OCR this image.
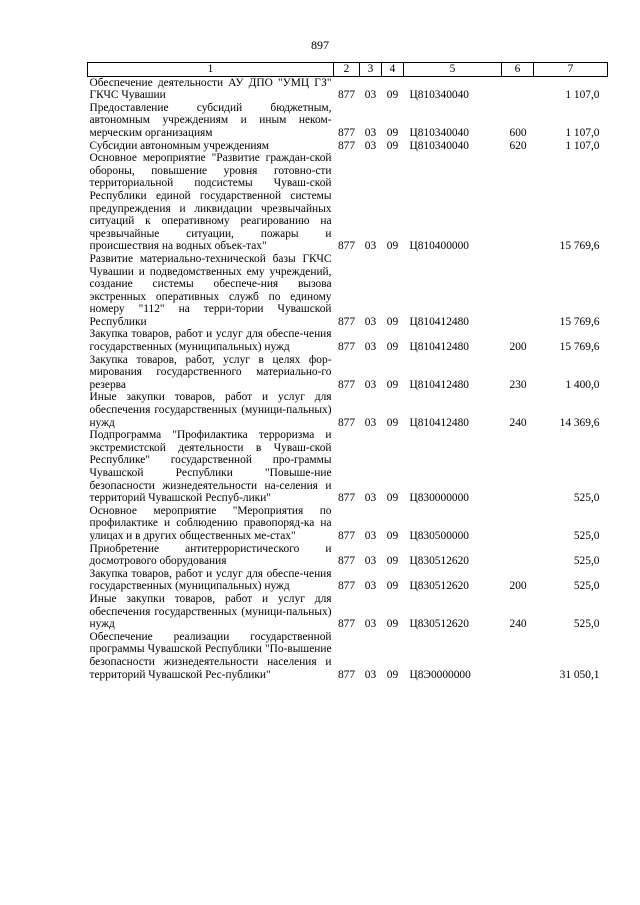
897
1	2	3	4	5	6	7
Обеспечение деятельности АУ ДПО "УМЦ ГЗ" ГКЧС Чувашии	877	03	09	Ц810340040		1 107,0
Предоставление субсидий бюджетным, автономным учреждениям и иным неком-мерческим организациям	877	03	09	Ц810340040	600	1 107,0
Субсидии автономным учреждениям	877	03	09	Ц810340040	620	1 107,0
Основное мероприятие "Развитие граждан-ской обороны, повышение уровня готовно-сти территориальной подсистемы Чуваш-ской Республики единой государственной системы предупреждения и ликвидации чрезвычайных ситуаций к оперативному реагированию на чрезвычайные ситуации, пожары и происшествия на водных объек-тах"	877	03	09	Ц810400000		15 769,6
Развитие материально-технической базы ГКЧС Чувашии и подведомственных ему учреждений, создание системы обеспече-ния вызова экстренных оперативных служб по единому номеру "112" на терри-тории Чувашской Республики	877	03	09	Ц810412480		15 769,6
Закупка товаров, работ и услуг для обеспе-чения государственных (муниципальных) нужд	877	03	09	Ц810412480	200	15 769,6
Закупка товаров, работ, услуг в целях фор-мирования государственного материально-го резерва	877	03	09	Ц810412480	230	1 400,0
Иные закупки товаров, работ и услуг для обеспечения государственных (муници-пальных) нужд	877	03	09	Ц810412480	240	14 369,6
Подпрограмма "Профилактика терроризма и экстремистской деятельности в Чуваш-ской Республике" государственной про-граммы Чувашской Республики "Повыше-ние безопасности жизнедеятельности на-селения и территорий Чувашской Респуб-лики"	877	03	09	Ц830000000		525,0
Основное мероприятие "Мероприятия по профилактике и соблюдению правопоряд-ка на улицах и в других общественных ме-стах"	877	03	09	Ц830500000		525,0
Приобретение антитеррористического и досмотрового оборудования	877	03	09	Ц830512620		525,0
Закупка товаров, работ и услуг для обеспе-чения государственных (муниципальных) нужд	877	03	09	Ц830512620	200	525,0
Иные закупки товаров, работ и услуг для обеспечения государственных (муници-пальных) нужд	877	03	09	Ц830512620	240	525,0
Обеспечение реализации государственной программы Чувашской Республики "По-вышение безопасности жизнедеятельности населения и территорий Чувашской Рес-публики"	877	03	09	Ц8Э0000000		31 050,1
